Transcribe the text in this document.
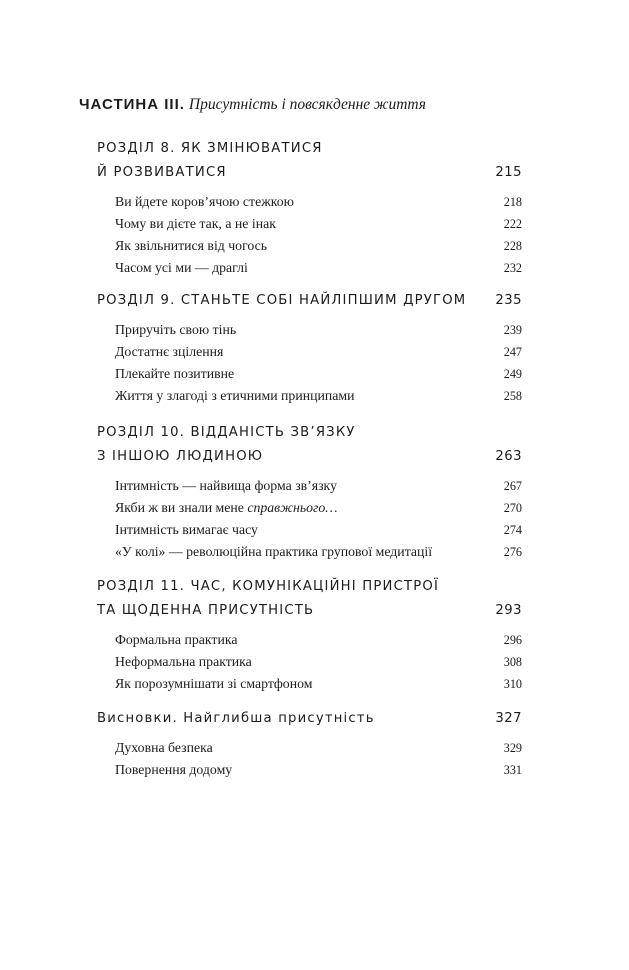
ЧАСТИНА ІІІ. Присутність і повсякденне життя
РОЗДІЛ 8. ЯК ЗМІНЮВАТИСЯ
Й РОЗВИВАТИСЯ	215
Ви йдете коров’ячою стежкою	218
Чому ви дієте так, а не інак	222
Як звільнитися від чогось	228
Часом усі ми — драглі	232
РОЗДІЛ 9. СТАНЬТЕ СОБІ НАЙЛІПШИМ ДРУГОМ 235
Приручіть свою тінь	239
Достатнє зцілення	247
Плекайте позитивне	249
Життя у злагоді з етичними принципами	258
РОЗДІЛ 10. ВІДДАНІСТЬ ЗВ’ЯЗКУ
З ІНШОЮ ЛЮДИНОЮ	263
Інтимність — найвища форма зв’язку	267
Якби ж ви знали мене справжнього…	270
Інтимність вимагає часу	274
«У колі» — революційна практика групової медитації	276
РОЗДІЛ 11. ЧАС, КОМУНІКАЦІЙНІ ПРИСТРОЇ
ТА ЩОДЕННА ПРИСУТНІСТЬ	293
Формальна практика	296
Неформальна практика	308
Як порозумнішати зі смартфоном	310
Висновки. Найглибша присутність	327
Духовна безпека	329
Повернення додому	331
